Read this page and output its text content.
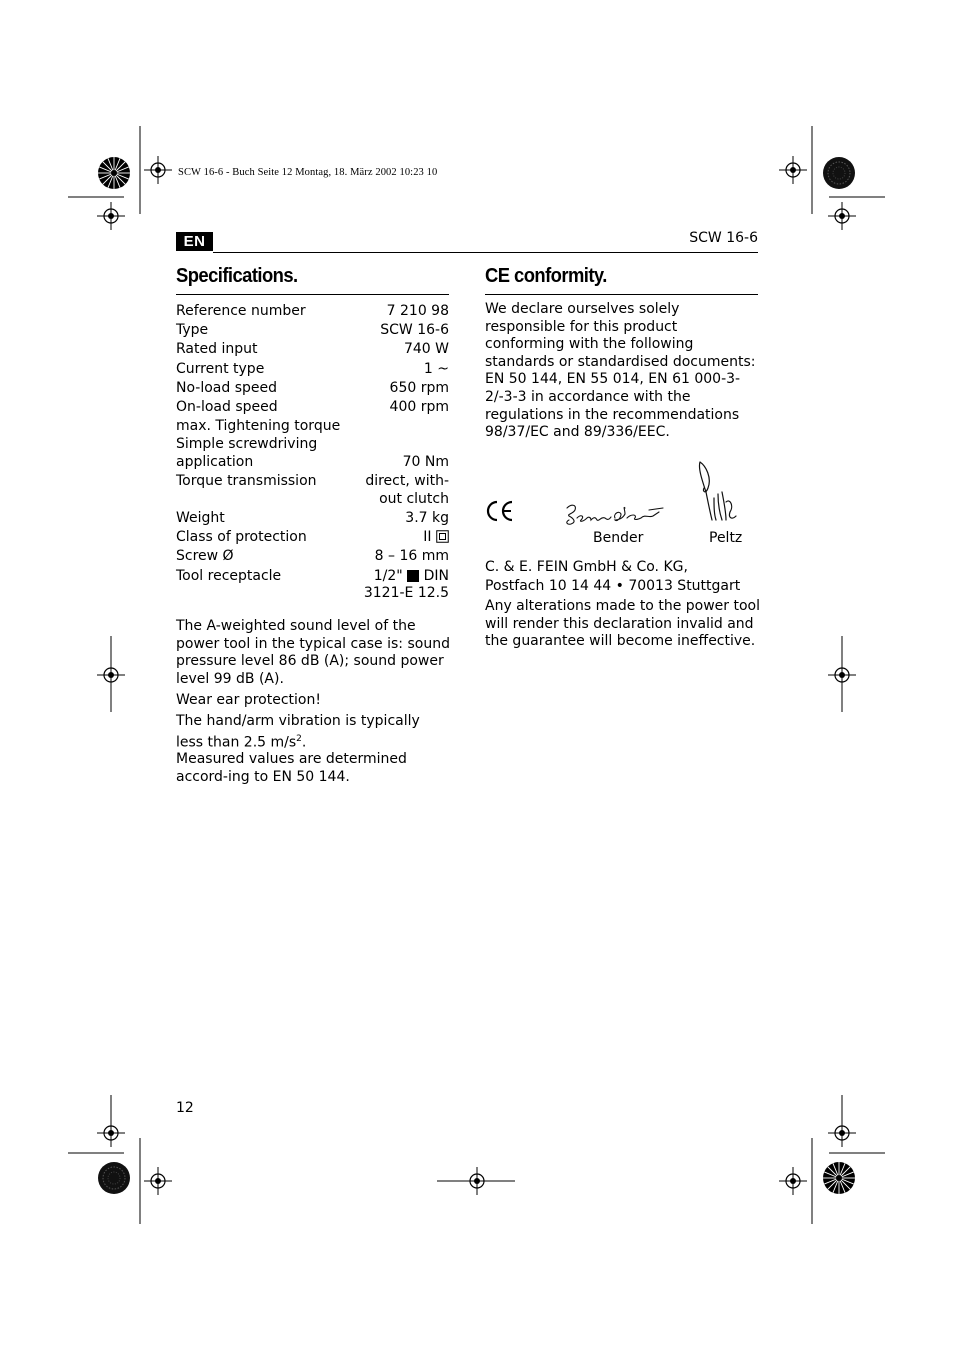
SCW 16-6 - Buch Seite 12 Montag, 18. März 2002 10:23 10
EN	SCW 16-6
Specifications.
Reference number	7 210 98
Type	SCW 16-6
Rated input	740 W
Current type	1 ~
No-load speed	650 rpm
On-load speed	400 rpm
max. Tightening torque
Simple screwdriving
application	70 Nm
Torque transmission	direct, with-
out clutch
Weight	3.7 kg
Class of protection	II
Screw Ø	8 – 16 mm
Tool receptacle	1/2" DIN
3121-E 12.5
The A-weighted sound level of the power tool in the typical case is: sound pressure level 86 dB (A); sound power level 99 dB (A).
Wear ear protection!
The hand/arm vibration is typically less than 2.5 $m/s^2$.
Measured values are determined accord-ing to EN 50 144.
CE conformity.
We declare ourselves solely responsible for this product conforming with the following standards or standardised documents: EN 50 144, EN 55 014, EN 61 000-3-2/-3-3 in accordance with the regulations in the recommendations 98/37/EC and 89/336/EEC.
Bender	Peltz
C. & E. FEIN GmbH & Co. KG,
Postfach 10 14 44 • 70013 Stuttgart
Any alterations made to the power tool will render this declaration invalid and the guarantee will become ineffective.
12
